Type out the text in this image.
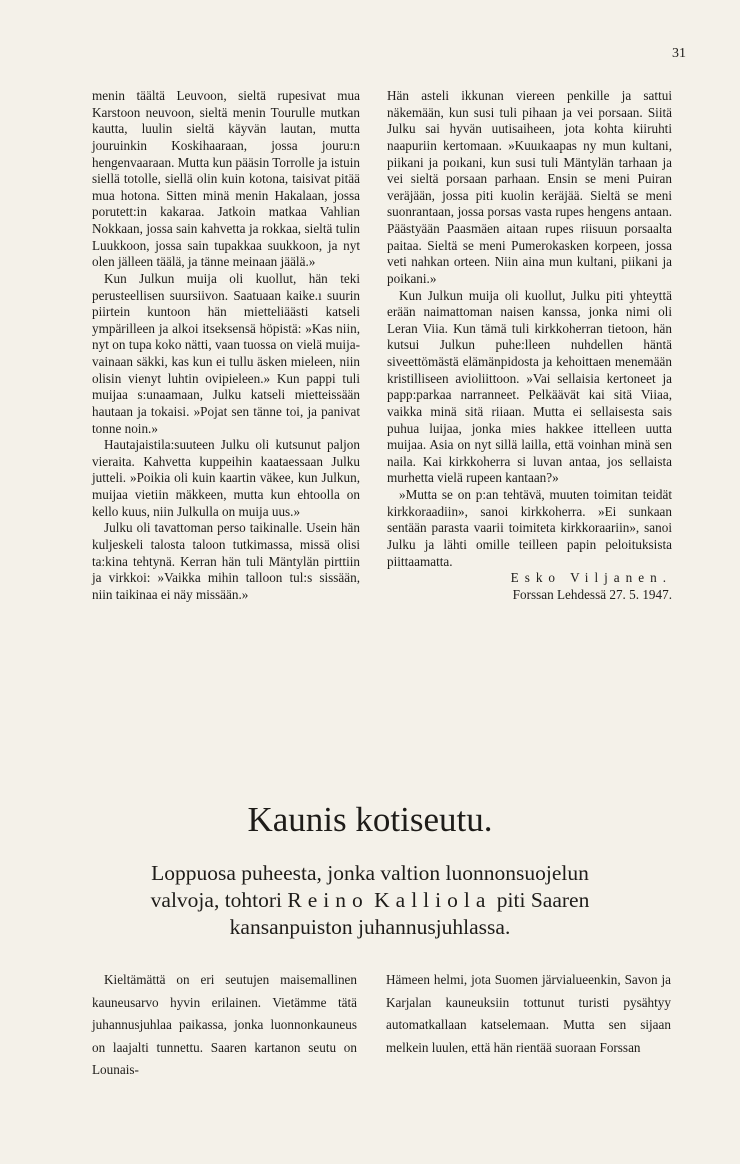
31

menin täältä Leuvoon, sieltä rupesivat mua Karstoon neuvoon, sieltä menin Tourulle mutkan kautta, luulin sieltä käyvän lautan, mutta jouruinkin Koskihaaraan, jossa jouru:n hengenvaaraan. Mutta kun pääsin Torrolle ja istuin siellä totolle, siellä olin kuin kotona, taisivat pitää mua hotona. Sitten minä menin Hakalaan, jossa porutett:in kakaraa. Jatkoin matkaa Vahlian Nokkaan, jossa sain kahvetta ja rokkaa, sieltä tulin Luukkoon, jossa sain tupakkaa suukkoon, ja nyt olen jälleen täälä, ja tänne meinaan jäälä.»

Kun Julkun muija oli kuollut, hän teki perusteellisen suursiivon. Saatuaan kaike.ı suurin piirtein kuntoon hän mietteliäästi katseli ympärilleen ja alkoi itseksensä höpistä: »Kas niin, nyt on tupa koko nätti, vaan tuossa on vielä muijavainaan säkki, kas kun ei tullu äsken mieleen, niin olisin vienyt luhtin ovipieleen.» Kun pappi tuli muijaa s:unaamaan, Julku katseli mietteissään hautaan ja tokaisi. »Pojat sen tänne toi, ja panivat tonne noin.»

Hautajaistila:suuteen Julku oli kutsunut paljon vieraita. Kahvetta kuppeihin kaataessaan Julku jutteli. »Poikia oli kuin kaartin väkee, kun Julkun, muijaa vietiin mäkkeen, mutta kun ehtoolla on kello kuus, niin Julkulla on muija uus.»

Julku oli tavattoman perso taikinalle. Usein hän kuljeskeli talosta taloon tutkimassa, missä olisi ta:kina tehtynä. Kerran hän tuli Mäntylän pirttiin ja virkkoi: »Vaikka mihin talloon tul:s sissään, niin taikinaa ei näy missään.»

Hän asteli ikkunan viereen penkille ja sattui näkemään, kun susi tuli pihaan ja vei porsaan. Siitä Julku sai hyvän uutisaiheen, jota kohta kiiruhti naapuriin kertomaan. »Kuuıkaapas ny mun kultani, piikani ja poıkani, kun susi tuli Mäntylän tarhaan ja vei sieltä porsaan parhaan. Ensin se meni Puiran veräjään, jossa piti kuolin keräjää. Sieltä se meni suonrantaan, jossa porsas vasta rupes hengens antaan. Päästyään Paasmäen aitaan rupes riisuun porsaalta paitaa. Sieltä se meni Pumerokasken korpeen, jossa veti nahkan orteen. Niin aina mun kultani, piikani ja poikani.»

Kun Julkun muija oli kuollut, Julku piti yhteyttä erään naimattoman naisen kanssa, jonka nimi oli Leran Viia. Kun tämä tuli kirkkoherran tietoon, hän kutsui Julkun puhe:lleen nuhdellen häntä siveettömästä elämänpidosta ja kehoittaen menemään kristilliseen avioliittoon. »Vai sellaisia kertoneet ja papp:parkaa narranneet. Pelkäävät kai sitä Viiaa, vaikka minä sitä riiaan. Mutta ei sellaisesta sais puhua luijaa, jonka mies hakkee ittelleen uutta muijaa. Asia on nyt sillä lailla, että voinhan minä sen naila. Kai kirkkoherra si luvan antaa, jos sellaista murhetta vielä rupeen kantaan?»

»Mutta se on p:an tehtävä, muuten toimitan teidät kirkkoraadiin», sanoi kirkkoherra. »Ei sunkaan sentään parasta vaarii toimiteta kirkkoraariin», sanoi Julku ja lähti omille teilleen papin peloituksista piittaamatta.

Esko Viljanen.

Forssan Lehdessä 27. 5. 1947.

Kaunis kotiseutu.
Loppuosa puheesta, jonka valtion luonnonsuojelun
valvoja, tohtori Reino Kalliola piti Saaren
kansanpuiston juhannusjuhlassa.

Kieltämättä on eri seutujen maisemallinen kauneusarvo hyvin erilainen. Vietämme tätä juhannusjuhlaa paikassa, jonka luonnonkauneus on laajalti tunnettu. Saaren kartanon seutu on Lounais-

Hämeen helmi, jota Suomen järvialueenkin, Savon ja Karjalan kauneuksiin tottunut turisti pysähtyy automatkallaan katselemaan. Mutta sen sijaan melkein luulen, että hän rientää suoraan Forssan
